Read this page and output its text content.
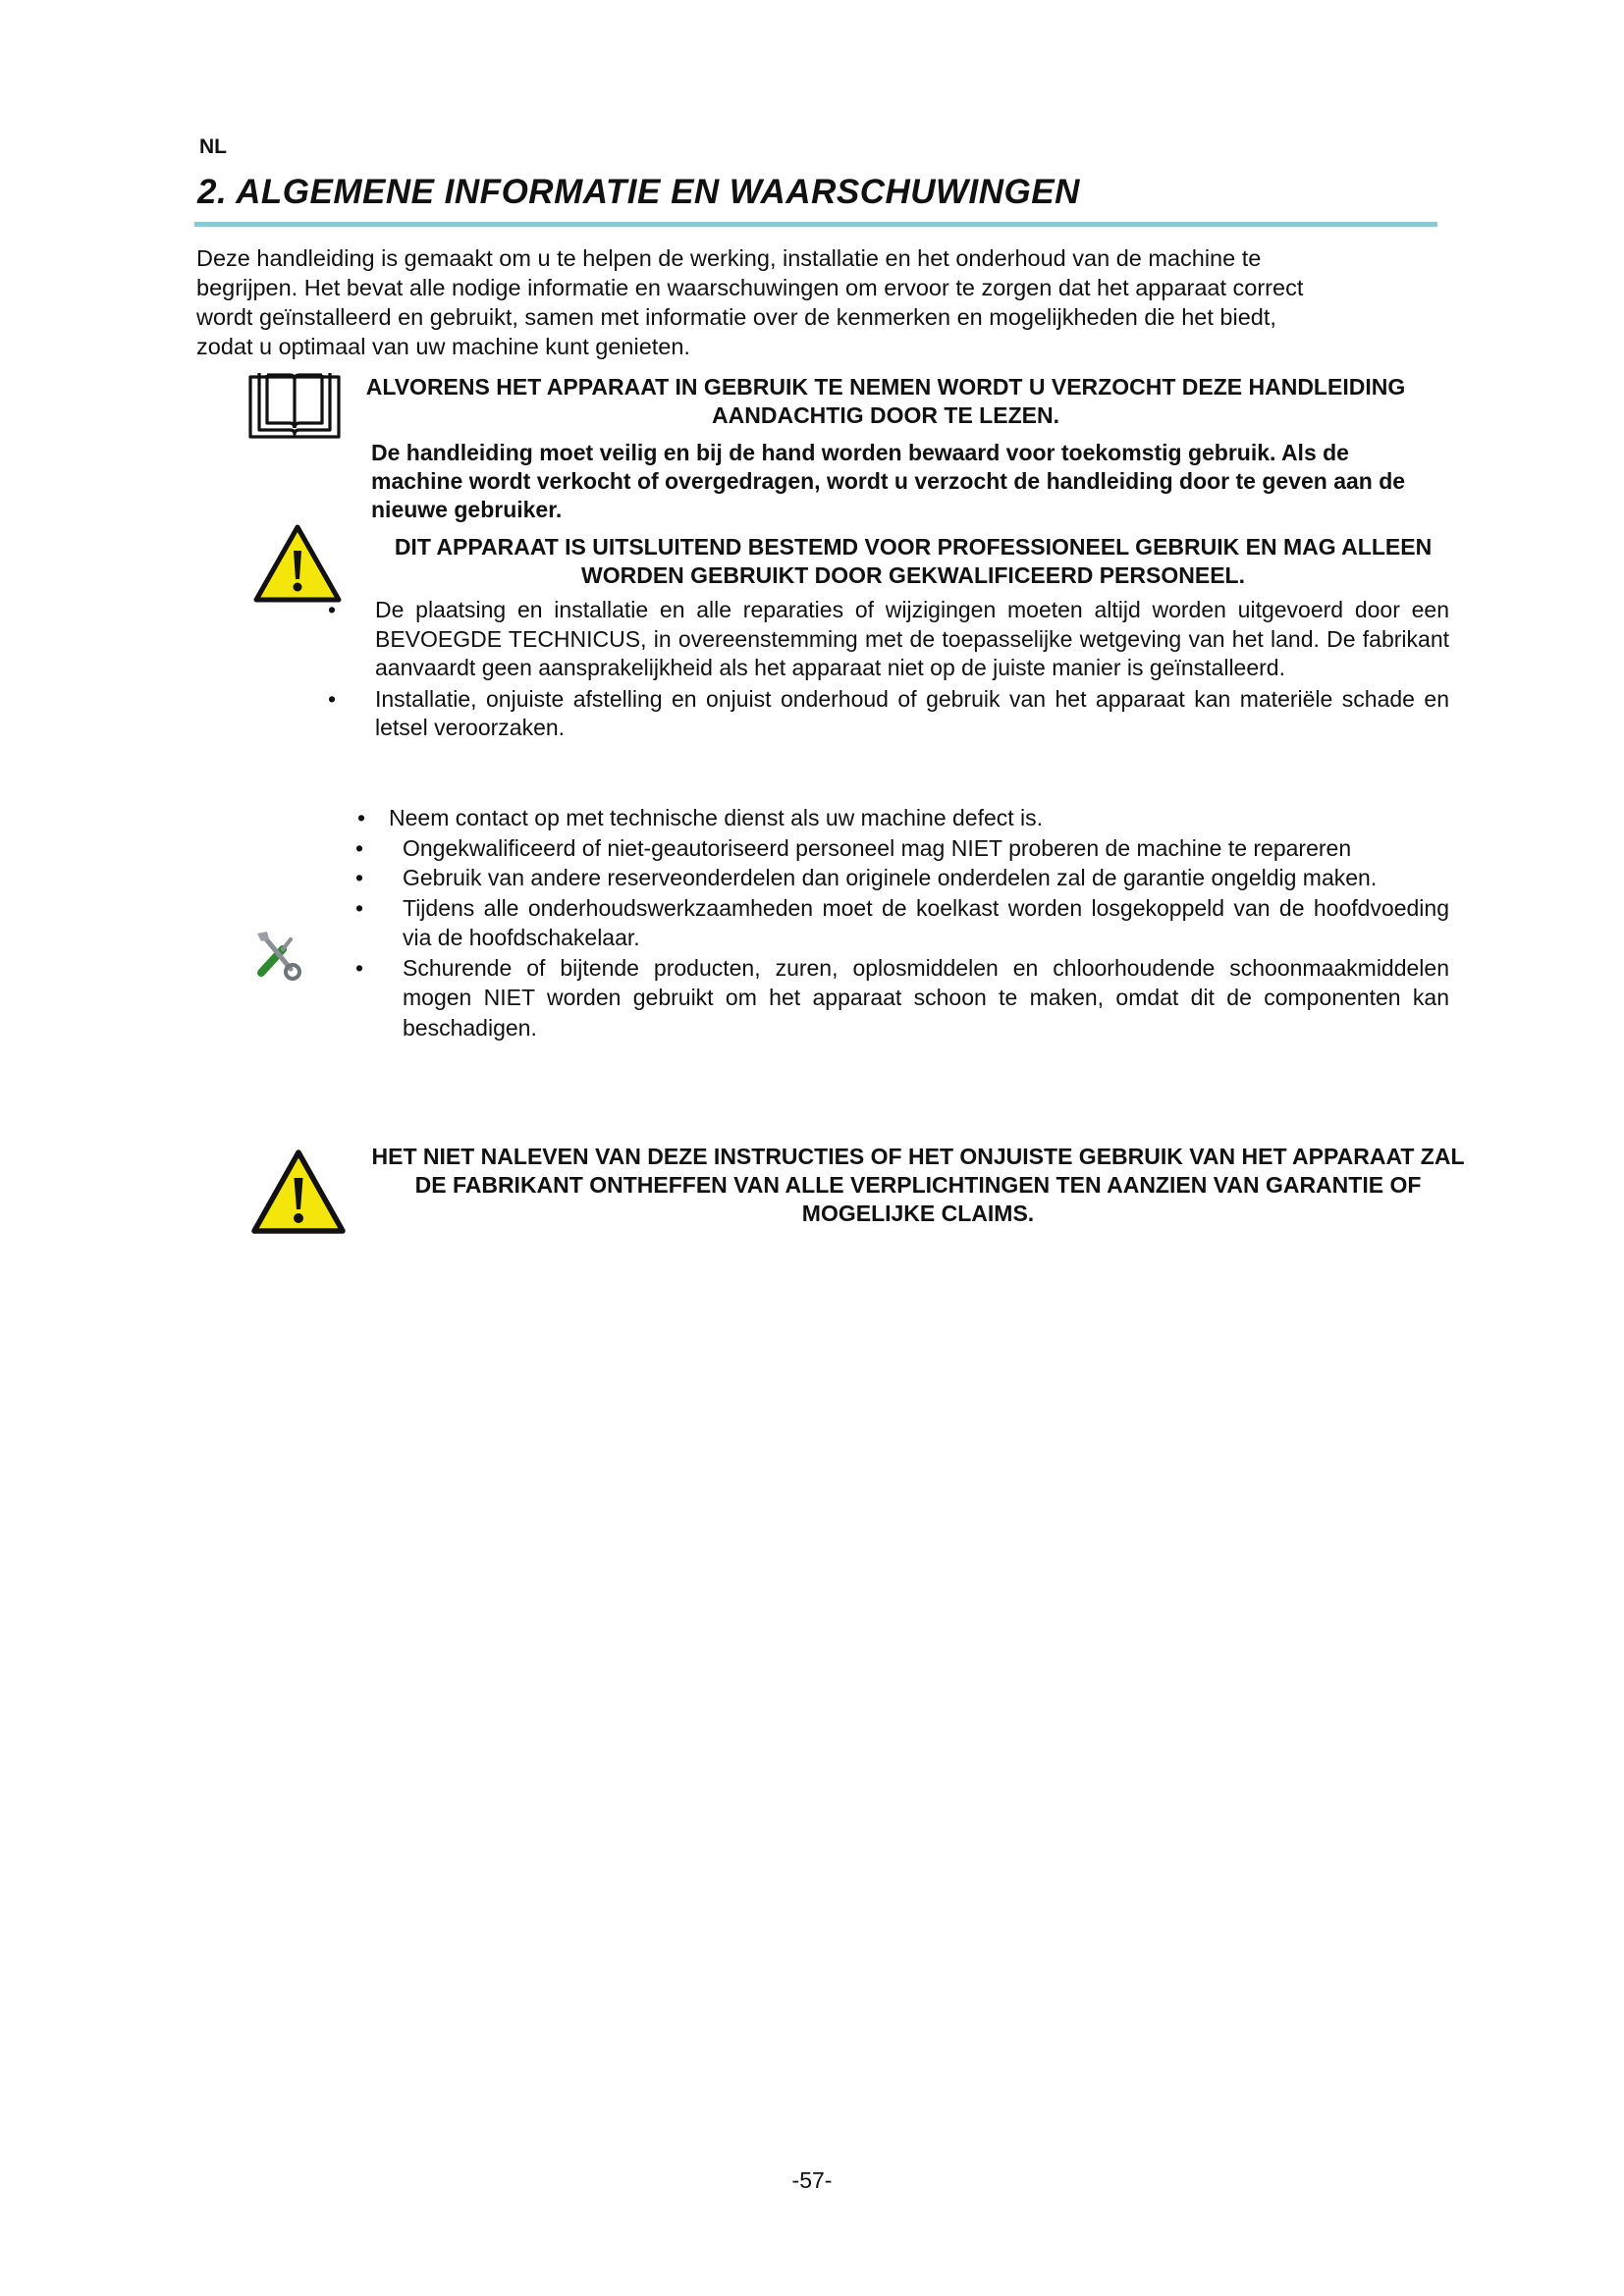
NL
2. ALGEMENE INFORMATIE EN WAARSCHUWINGEN
Deze handleiding is gemaakt om u te helpen de werking, installatie en het onderhoud van de machine te
begrijpen. Het bevat alle nodige informatie en waarschuwingen om ervoor te zorgen dat het apparaat correct
wordt geïnstalleerd en gebruikt, samen met informatie over de kenmerken en mogelijkheden die het biedt,
zodat u optimaal van uw machine kunt genieten.
ALVORENS HET APPARAAT IN GEBRUIK TE NEMEN WORDT U VERZOCHT DEZE HANDLEIDING AANDACHTIG DOOR TE LEZEN.
De handleiding moet veilig en bij de hand worden bewaard voor toekomstig gebruik. Als de machine wordt verkocht of overgedragen, wordt u verzocht de handleiding door te geven aan de nieuwe gebruiker.
DIT APPARAAT IS UITSLUITEND BESTEMD VOOR PROFESSIONEEL GEBRUIK EN MAG ALLEEN WORDEN GEBRUIKT DOOR GEKWALIFICEERD PERSONEEL.
•	De plaatsing en installatie en alle reparaties of wijzigingen moeten altijd worden uitgevoerd door een BEVOEGDE TECHNICUS, in overeenstemming met de toepasselijke wetgeving van het land. De fabrikant aanvaardt geen aansprakelijkheid als het apparaat niet op de juiste manier is geïnstalleerd.
•	Installatie, onjuiste afstelling en onjuist onderhoud of gebruik van het apparaat kan materiële schade en letsel veroorzaken.
•	Neem contact op met technische dienst als uw machine defect is.
•	Ongekwalificeerd of niet-geautoriseerd personeel mag NIET proberen de machine te repareren
•	Gebruik van andere reserveonderdelen dan originele onderdelen zal de garantie ongeldig maken.
•	Tijdens alle onderhoudswerkzaamheden moet de koelkast worden losgekoppeld van de hoofdvoeding via de hoofdschakelaar.
•	Schurende of bijtende producten, zuren, oplosmiddelen en chloorhoudende schoonmaakmiddelen mogen NIET worden gebruikt om het apparaat schoon te maken, omdat dit de componenten kan beschadigen.
HET NIET NALEVEN VAN DEZE INSTRUCTIES OF HET ONJUISTE GEBRUIK VAN HET APPARAAT ZAL DE FABRIKANT ONTHEFFEN VAN ALLE VERPLICHTINGEN TEN AANZIEN VAN GARANTIE OF MOGELIJKE CLAIMS.
-57-
